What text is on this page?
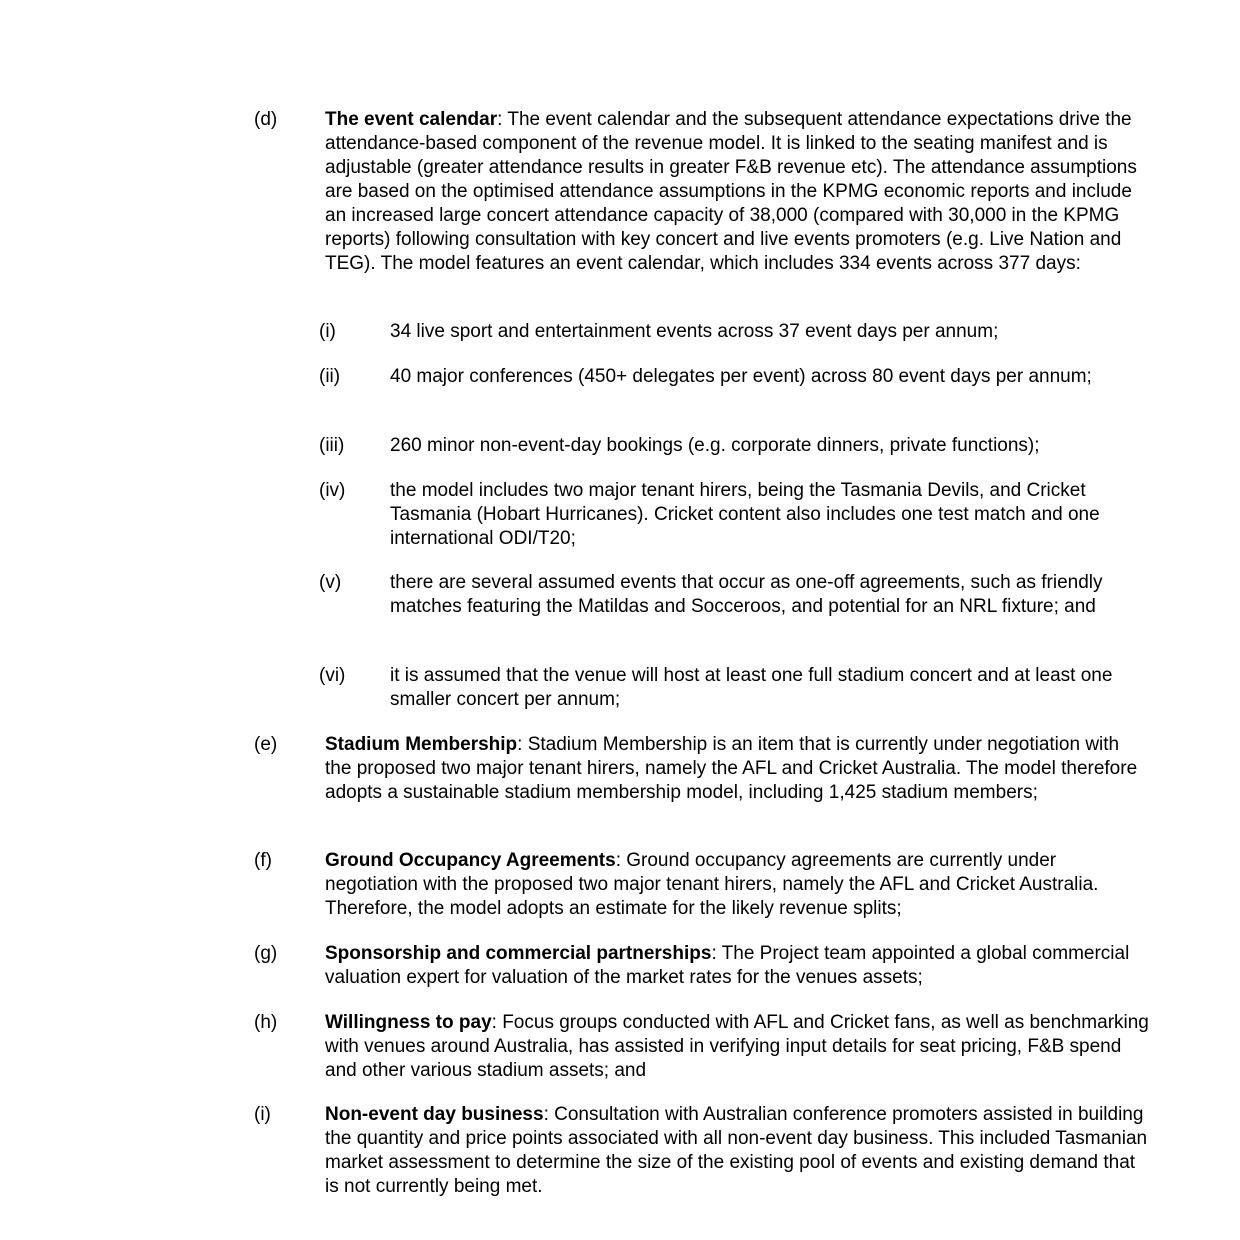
(d)	The event calendar: The event calendar and the subsequent attendance expectations drive the attendance-based component of the revenue model. It is linked to the seating manifest and is adjustable (greater attendance results in greater F&B revenue etc). The attendance assumptions are based on the optimised attendance assumptions in the KPMG economic reports and include an increased large concert attendance capacity of 38,000 (compared with 30,000 in the KPMG reports) following consultation with key concert and live events promoters (e.g. Live Nation and TEG). The model features an event calendar, which includes 334 events across 377 days:
(i)	34 live sport and entertainment events across 37 event days per annum;
(ii)	40 major conferences (450+ delegates per event) across 80 event days per annum;
(iii)	260 minor non-event-day bookings (e.g. corporate dinners, private functions);
(iv)	the model includes two major tenant hirers, being the Tasmania Devils, and Cricket Tasmania (Hobart Hurricanes). Cricket content also includes one test match and one international ODI/T20;
(v)	there are several assumed events that occur as one-off agreements, such as friendly matches featuring the Matildas and Socceroos, and potential for an NRL fixture; and
(vi)	it is assumed that the venue will host at least one full stadium concert and at least one smaller concert per annum;
(e)	Stadium Membership: Stadium Membership is an item that is currently under negotiation with the proposed two major tenant hirers, namely the AFL and Cricket Australia. The model therefore adopts a sustainable stadium membership model, including 1,425 stadium members;
(f)	Ground Occupancy Agreements: Ground occupancy agreements are currently under negotiation with the proposed two major tenant hirers, namely the AFL and Cricket Australia. Therefore, the model adopts an estimate for the likely revenue splits;
(g)	Sponsorship and commercial partnerships: The Project team appointed a global commercial valuation expert for valuation of the market rates for the venues assets;
(h)	Willingness to pay: Focus groups conducted with AFL and Cricket fans, as well as benchmarking with venues around Australia, has assisted in verifying input details for seat pricing, F&B spend and other various stadium assets; and
(i)	Non-event day business: Consultation with Australian conference promoters assisted in building the quantity and price points associated with all non-event day business. This included Tasmanian market assessment to determine the size of the existing pool of events and existing demand that is not currently being met.
